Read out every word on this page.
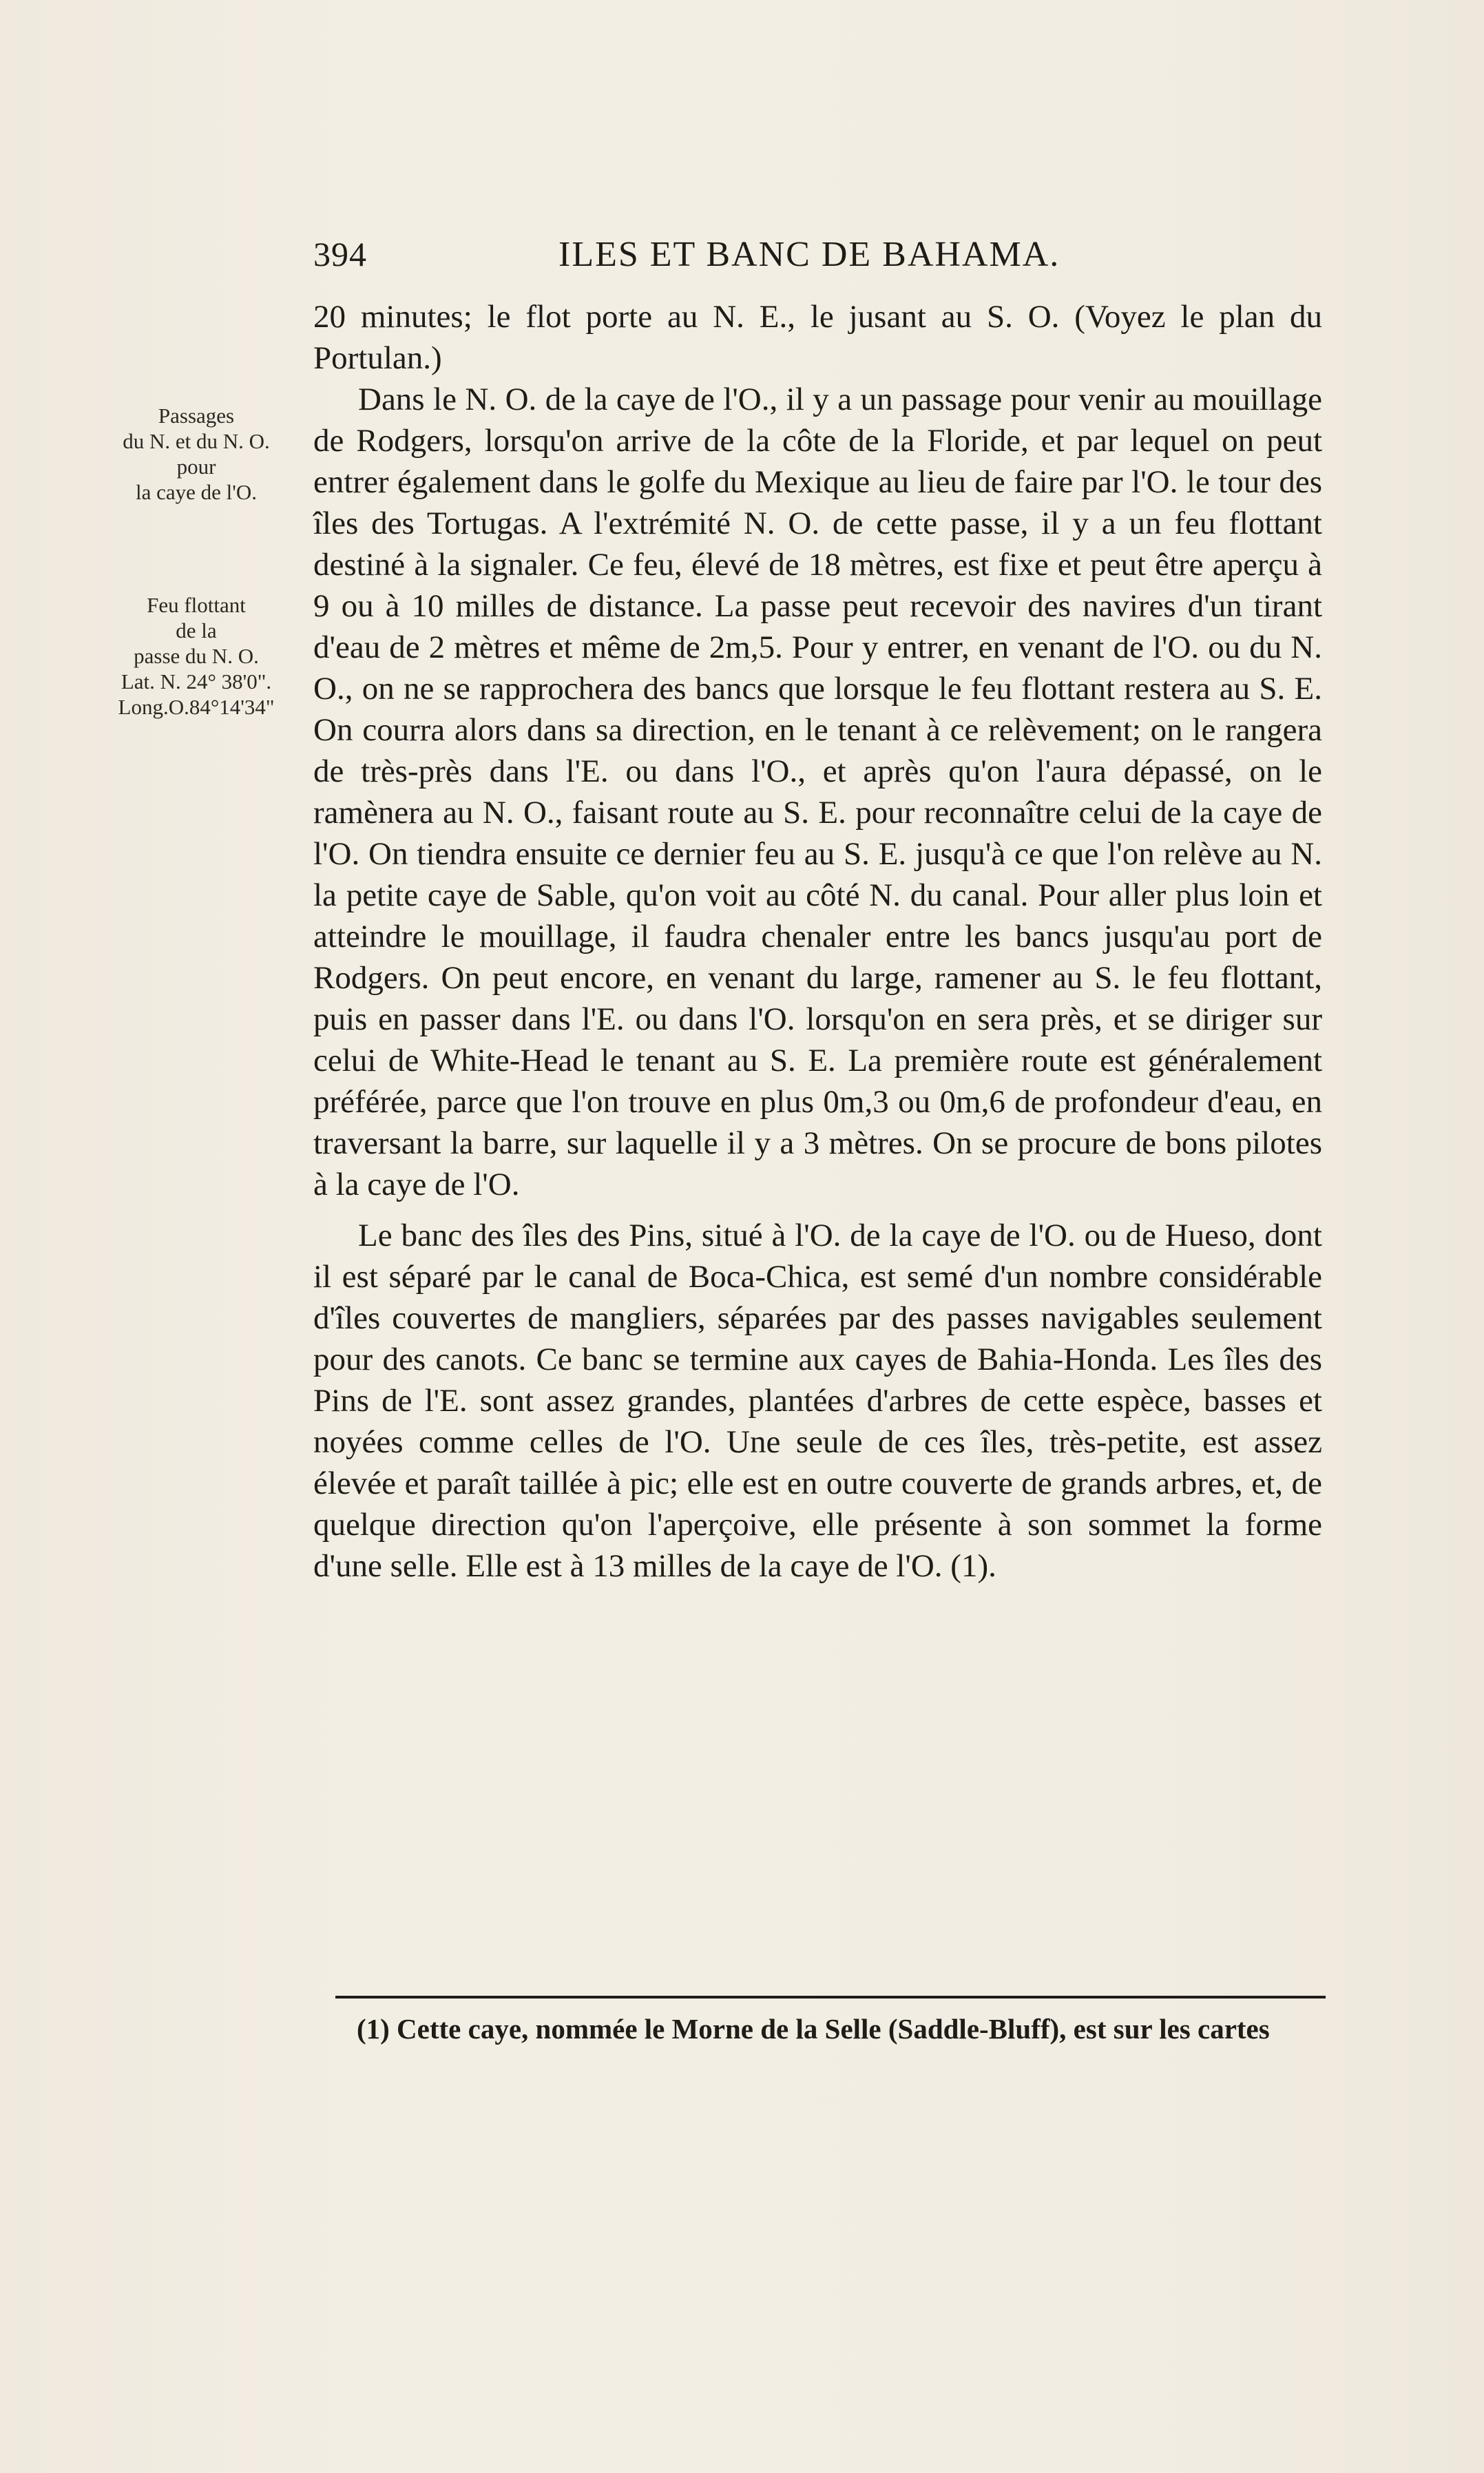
394	ILES ET BANC DE BAHAMA.
Passages
du N. et du N. O.
pour
la caye de l'O.
Feu flottant
de la
passe du N. O.
Lat. N. 24° 38'0".
Long.O.84°14'34"

20 minutes; le flot porte au N. E., le jusant au S. O. (Voyez le plan du Portulan.)

Dans le N. O. de la caye de l'O., il y a un passage pour venir au mouillage de Rodgers, lorsqu'on arrive de la côte de la Floride, et par lequel on peut entrer également dans le golfe du Mexique au lieu de faire par l'O. le tour des îles des Tortugas. A l'extrémité N. O. de cette passe, il y a un feu flottant destiné à la signaler. Ce feu, élevé de 18 mètres, est fixe et peut être aperçu à 9 ou à 10 milles de distance. La passe peut recevoir des navires d'un tirant d'eau de 2 mètres et même de 2m,5. Pour y entrer, en venant de l'O. ou du N. O., on ne se rapprochera des bancs que lorsque le feu flottant restera au S. E. On courra alors dans sa direction, en le tenant à ce relèvement; on le rangera de très-près dans l'E. ou dans l'O., et après qu'on l'aura dépassé, on le ramènera au N. O., faisant route au S. E. pour reconnaître celui de la caye de l'O. On tiendra ensuite ce dernier feu au S. E. jusqu'à ce que l'on relève au N. la petite caye de Sable, qu'on voit au côté N. du canal. Pour aller plus loin et atteindre le mouillage, il faudra chenaler entre les bancs jusqu'au port de Rodgers. On peut encore, en venant du large, ramener au S. le feu flottant, puis en passer dans l'E. ou dans l'O. lorsqu'on en sera près, et se diriger sur celui de White-Head le tenant au S. E. La première route est généralement préférée, parce que l'on trouve en plus 0m,3 ou 0m,6 de profondeur d'eau, en traversant la barre, sur laquelle il y a 3 mètres. On se procure de bons pilotes à la caye de l'O.

Le banc des îles des Pins, situé à l'O. de la caye de l'O. ou de Hueso, dont il est séparé par le canal de Boca-Chica, est semé d'un nombre considérable d'îles couvertes de mangliers, séparées par des passes navigables seulement pour des canots. Ce banc se termine aux cayes de Bahia-Honda. Les îles des Pins de l'E. sont assez grandes, plantées d'arbres de cette espèce, basses et noyées comme celles de l'O. Une seule de ces îles, très-petite, est assez élevée et paraît taillée à pic; elle est en outre couverte de grands arbres, et, de quelque direction qu'on l'aperçoive, elle présente à son sommet la forme d'une selle. Elle est à 13 milles de la caye de l'O. (1).

(1) Cette caye, nommée le Morne de la Selle (Saddle-Bluff), est sur les cartes
